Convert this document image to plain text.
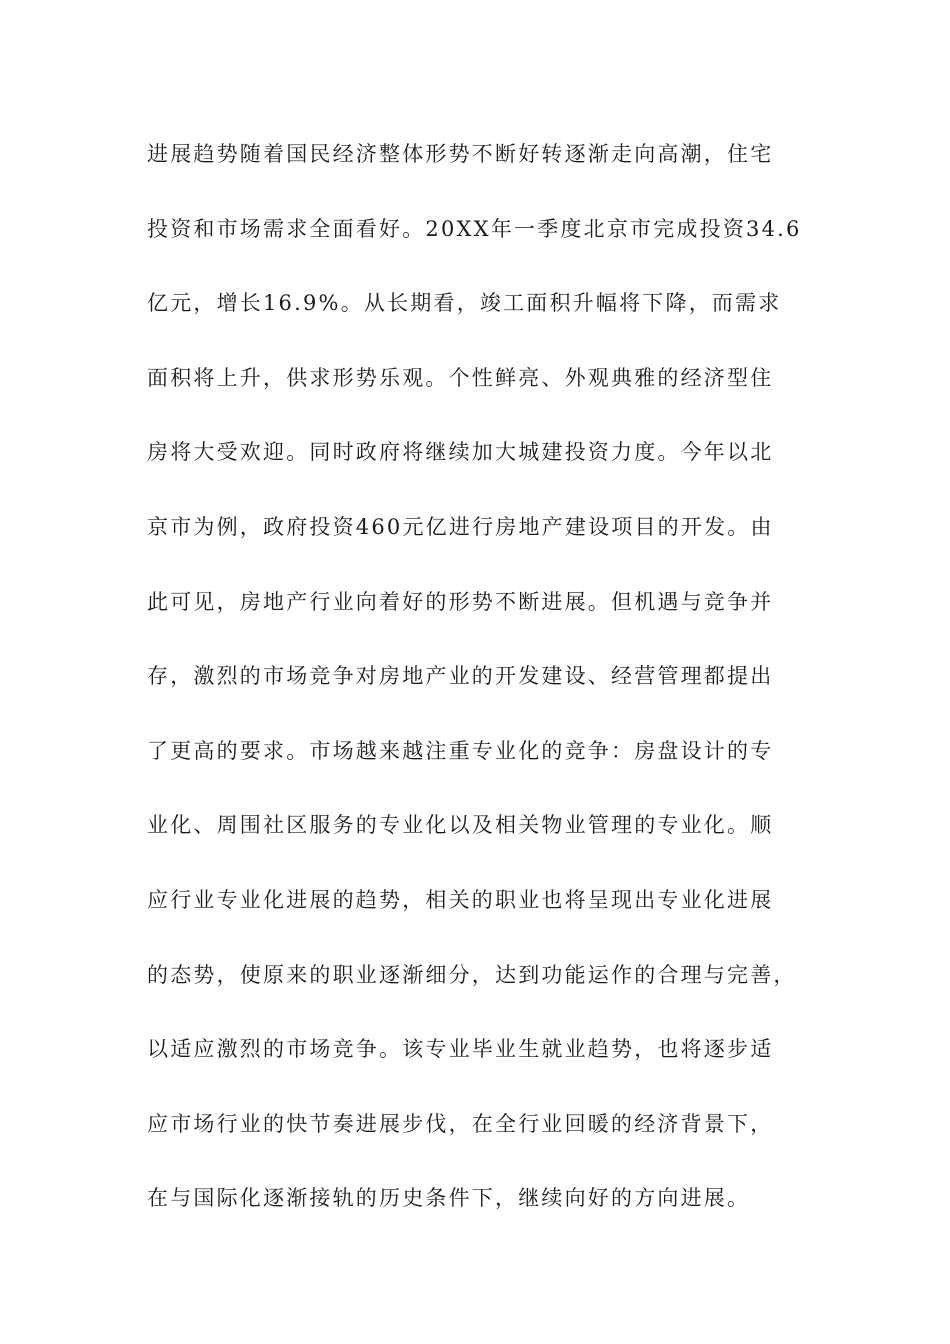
进展趋势随着国民经济整体形势不断好转逐渐走向高潮，住宅
投资和市场需求全面看好。20XX年一季度北京市完成投资34.6
亿元，增长16.9%。从长期看，竣工面积升幅将下降，而需求
面积将上升，供求形势乐观。个性鲜亮、外观典雅的经济型住
房将大受欢迎。同时政府将继续加大城建投资力度。今年以北
京市为例，政府投资460元亿进行房地产建设项目的开发。由
此可见，房地产行业向着好的形势不断进展。但机遇与竞争并
存，激烈的市场竞争对房地产业的开发建设、经营管理都提出
了更高的要求。市场越来越注重专业化的竞争：房盘设计的专
业化、周围社区服务的专业化以及相关物业管理的专业化。顺
应行业专业化进展的趋势，相关的职业也将呈现出专业化进展
的态势，使原来的职业逐渐细分，达到功能运作的合理与完善，
以适应激烈的市场竞争。该专业毕业生就业趋势，也将逐步适
应市场行业的快节奏进展步伐，在全行业回暖的经济背景下，
在与国际化逐渐接轨的历史条件下，继续向好的方向进展。
